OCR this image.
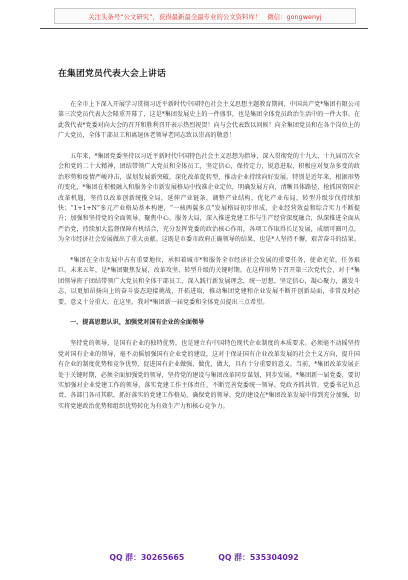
关注头条号“公文研究”，获得最新最全最专业的公文资料库！ 微信：gongwenyj
在集团党员代表大会上讲话

在全市上下深入开展学习贯彻习近平新时代中国特色社会主义思想主题教育期间，中国共产党*集团有限公司第三次党员代表大会隆重开幕了，这是*集团发展史上的一件盛事，也是集团全体党员政治生活中的一件大事。在此我代表*党委对向大会的召开和胜利召开表示热烈祝贺！向与会代表致以问候！向全集团党员和在各个岗位上的广大党员，全体干部员工和离退休老领导老同志致以崇高的敬意！

五年来，*集团党委坚持以习近平新时代中国特色社会主义思想为指导，深入贯彻党的十九大、十九届历次全会和党的二十大精神，团结带领广大党员和全体员工，坚定信心，保持定力，锐意进取，积极应对复杂多变的政治形势和疫情严峻冲击，谋划发展新突破，深化改革促转型，推动企业持续向好发展。特别是近年来，根据形势的变化，*集团在积极融入和服务全市新发展格局中找准企业定位，明确发展方向，清晰具体路径，抢抓国资国企改革机遇，坚持以改革创新统揽全局，延伸产业链条，调整产业结构，优化产业布局，转型升级步伐持续加快；“1+1+N”多元产业格局基本构建，“一核两翼多点”发展格局初步形成，企业经营效益和综合实力不断提升；加强和坚持党的全面领导，聚焦中心、服务大局，深入推进党建工作与生产经营深度融合，纵深推进全面从严治党，持续加大监督保障有机结合，充分发挥党委的政治核心作用，各项工作取得长足发展，成绩可圈可点，为全市经济社会发展做出了重大贡献。这既是市委市政府正确领导的结果，也是*人坚持不懈、艰苦奋斗的结果。

*集团在全市发展中占有重要地位，承担着城市*和服务全市经济社会发展的重要任务，使命光荣，任务艰巨。未来五年，是*集团聚焦发展，改革攻坚、转型升级的关键时期。在这样形势下召开第三次党代会，对于*集团领导班子团结带领广大党员和全体干部员工，深入践行新发展理念，统一思想、坚定信心，凝心聚力，激发斗志，以更加昂扬向上的奋斗姿态迎接挑战，开拓进取，推动集团党建和企业发展不断开创新局面，非常及时必要，意义十分重大。在这里，我对*集团新一届党委和全体党员提出三点希望。

一、提高思想认识，加强党对国有企业的全面领导

坚持党的领导，是国有企业的独特优势，也是建立有中国特色现代企业制度的本质要求。必须毫不动摇坚持党对国有企业的领导，毫不动摇加强国有企业党的建设，这对于保证国有企业改革发展的社会主义方向，提升国有企业的制度优势和竞争优势，促进国有企业做强、做优、做大，具有十分重要的意义。当前，*集团改革发展正处于关键时期，必须全面加强党的领导，坚持党的建设与集团改革同步谋划、同步发展。*集团新一届党委，要切实加强对企业党建工作的领导，落实党建工作主体责任，不断完善党委统一领导、党政齐抓共管、党委书记负总责、各部门各司其职、抓好落实的党建工作格局，确保党的领导、党的建设在*集团改革发展中得到充分加强，切实将党建政治优势和组织优势转化为有效生产力和核心竞争力。

QQ 群：30265665	QQ 群：535304092
